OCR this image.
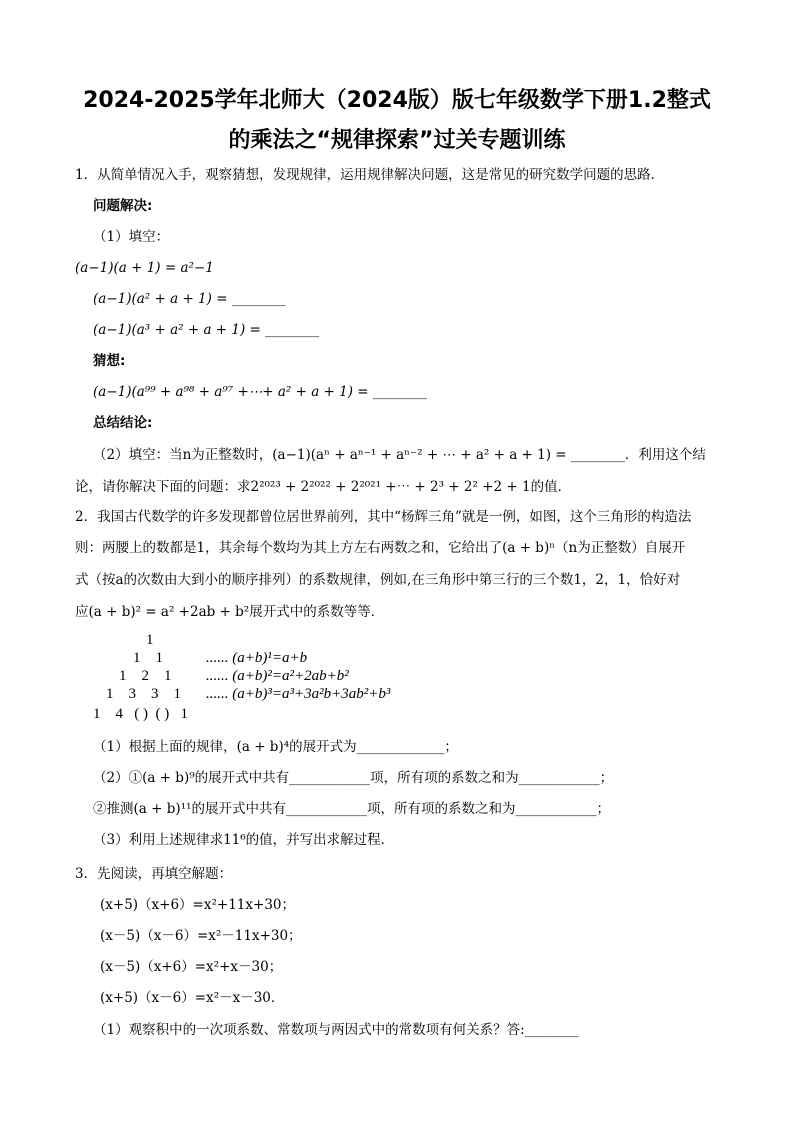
2024-2025学年北师大（2024版）版七年级数学下册1.2整式
的乘法之“规律探索”过关专题训练
1．从简单情况入手，观察猜想，发现规律，运用规律解决问题，这是常见的研究数学问题的思路．
问题解决:
（1）填空：
(a−1)(a + 1) = a²−1
(a−1)(a² + a + 1) = ________
(a−1)(a³ + a² + a + 1) = ________
猜想:
(a−1)(a⁹⁹ + a⁹⁸ + a⁹⁷ +⋯+ a² + a + 1) = ________
总结结论:
（2）填空：当n为正整数时，(a−1)(aⁿ + aⁿ⁻¹ + aⁿ⁻² + ⋯ + a² + a + 1) = ________．利用这个结
论，请你解决下面的问题：求2²⁰²³ + 2²⁰²² + 2²⁰²¹ +⋯ + 2³ + 2² +2 + 1的值．
2．我国古代数学的许多发现都曾位居世界前列，其中“杨辉三角”就是一例，如图，这个三角形的构造法
则：两腰上的数都是1，其余每个数均为其上方左右两数之和，它给出了(a + b)ⁿ（n为正整数）自展开
式（按a的次数由大到小的顺序排列）的系数规律，例如,在三角形中第三行的三个数1，2，1，恰好对
应(a + b)² = a² +2ab + b²展开式中的系数等等．
1
1    1
1    2    1
1    3    3    1
1    4   ( )  ( )   1
...... (a+b)¹=a+b
...... (a+b)²=a²+2ab+b²
...... (a+b)³=a³+3a²b+3ab²+b³
（1）根据上面的规律，(a + b)⁴的展开式为_____________；
（2）①(a + b)⁹的展开式中共有____________项，所有项的系数之和为____________；
②推测(a + b)¹¹的展开式中共有____________项，所有项的系数之和为____________；
（3）利用上述规律求11⁶的值，并写出求解过程．
3．先阅读，再填空解题：
(x+5)（x+6）=x²+11x+30；
(x－5)（x－6）=x²－11x+30；
(x－5)（x+6）=x²+x－30；
(x+5)（x－6）=x²－x－30．
（1）观察积中的一次项系数、常数项与两因式中的常数项有何关系？答:________
